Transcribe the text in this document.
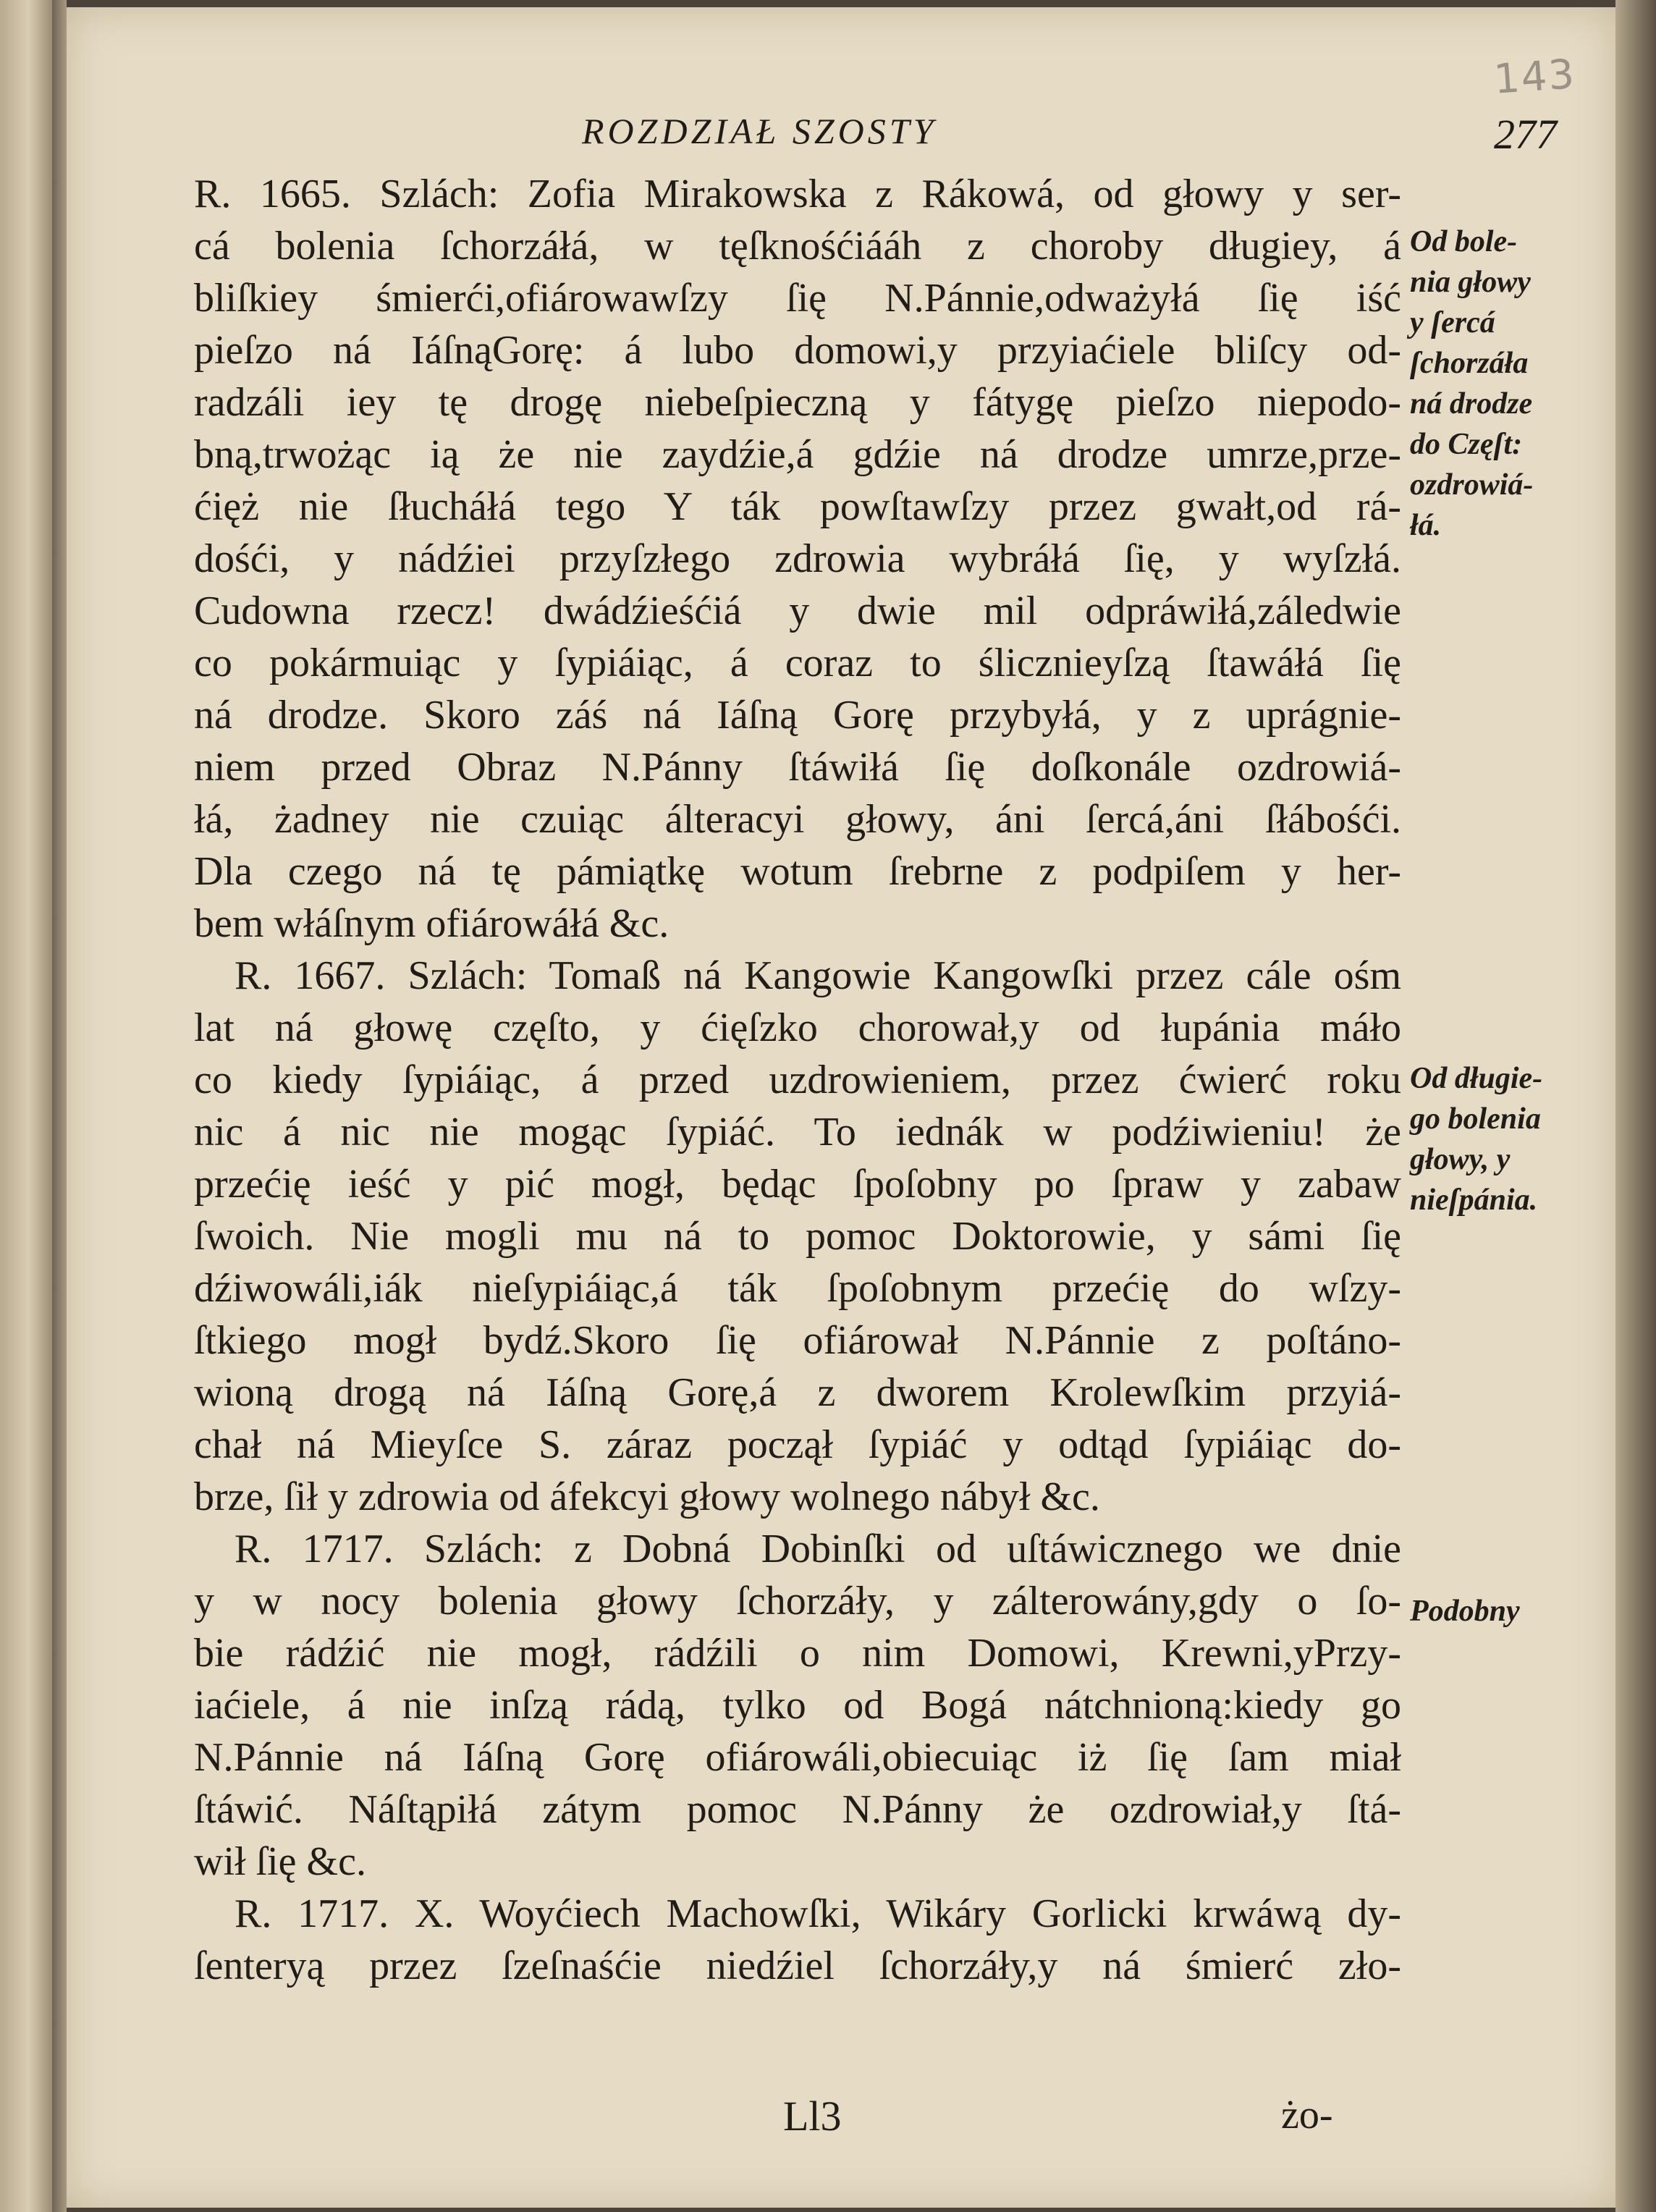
143
ROZDZIAŁ SZOSTY	277
R. 1665. Szlách: Zofia Mirakowska z Rákowá, od głowy y ser-
cá bolenia ſchorzáłá, w tęſknośćiááh z choroby długiey, á
bliſkiey śmierći,ofiárowawſzy ſię N.Pánnie,odważyłá ſię iść
pieſzo ná IáſnąGorę: á lubo domowi,y przyiaćiele bliſcy od-
radzáli iey tę drogę niebeſpieczną y fátygę pieſzo niepodo-
bną,trwożąc ią że nie zaydźie,á gdźie ná drodze umrze,prze-
ćięż nie ſłucháłá tego Y ták powſtawſzy przez gwałt,od rá-
dośći, y nádźiei przyſzłego zdrowia wybráłá ſię, y wyſzłá.
Cudowna rzecz! dwádźieśćiá y dwie mil odpráwiłá,záledwie
co pokármuiąc y ſypiáiąc, á coraz to ślicznieyſzą ſtawáłá ſię
ná drodze. Skoro záś ná Iáſną Gorę przybyłá, y z uprágnie-
niem przed Obraz N.Pánny ſtáwiłá ſię doſkonále ozdrowiá-
łá, żadney nie czuiąc álteracyi głowy, áni ſercá,áni ſłábośći.
Dla czego ná tę pámiątkę wotum ſrebrne z podpiſem y her-
bem włáſnym ofiárowáłá &c.
R. 1667. Szlách: Tomaß ná Kangowie Kangowſki przez cále ośm
lat ná głowę częſto, y ćięſzko chorował,y od łupánia máło
co kiedy ſypiáiąc, á przed uzdrowieniem, przez ćwierć roku
nic á nic nie mogąc ſypiáć. To iednák w podźiwieniu! że
przećię ieść y pić mogł, będąc ſpoſobny po ſpraw y zabaw
ſwoich. Nie mogli mu ná to pomoc Doktorowie, y sámi ſię
dźiwowáli,iák nieſypiáiąc,á ták ſpoſobnym przećię do wſzy-
ſtkiego mogł bydź.Skoro ſię ofiárował N.Pánnie z poſtáno-
wioną drogą ná Iáſną Gorę,á z dworem Krolewſkim przyiá-
chał ná Mieyſce S. záraz począł ſypiáć y odtąd ſypiáiąc do-
brze, ſił y zdrowia od áfekcyi głowy wolnego nábył &c.
R. 1717. Szlách: z Dobná Dobinſki od uſtáwicznego we dnie
y w nocy bolenia głowy ſchorzáły, y zálterowány,gdy o ſo-
bie rádźić nie mogł, rádźili o nim Domowi, Krewni,yPrzy-
iaćiele, á nie inſzą rádą, tylko od Bogá nátchnioną:kiedy go
N.Pánnie ná Iáſną Gorę ofiárowáli,obiecuiąc iż ſię ſam miał
ſtáwić. Náſtąpiłá zátym pomoc N.Pánny że ozdrowiał,y ſtá-
wił ſię &c.
R. 1717. X. Woyćiech Machowſki, Wikáry Gorlicki krwáwą dy-
ſenteryą przez ſzeſnaśćie niedźiel ſchorzáły,y ná śmierć zło-
Od bole-
nia głowy
y ſercá
ſchorzáła
ná drodze
do Częſt:
ozdrowiá-
łá.
Od długie-
go bolenia
głowy, y
nieſpánia.
Podobny
Ll3	żo-
